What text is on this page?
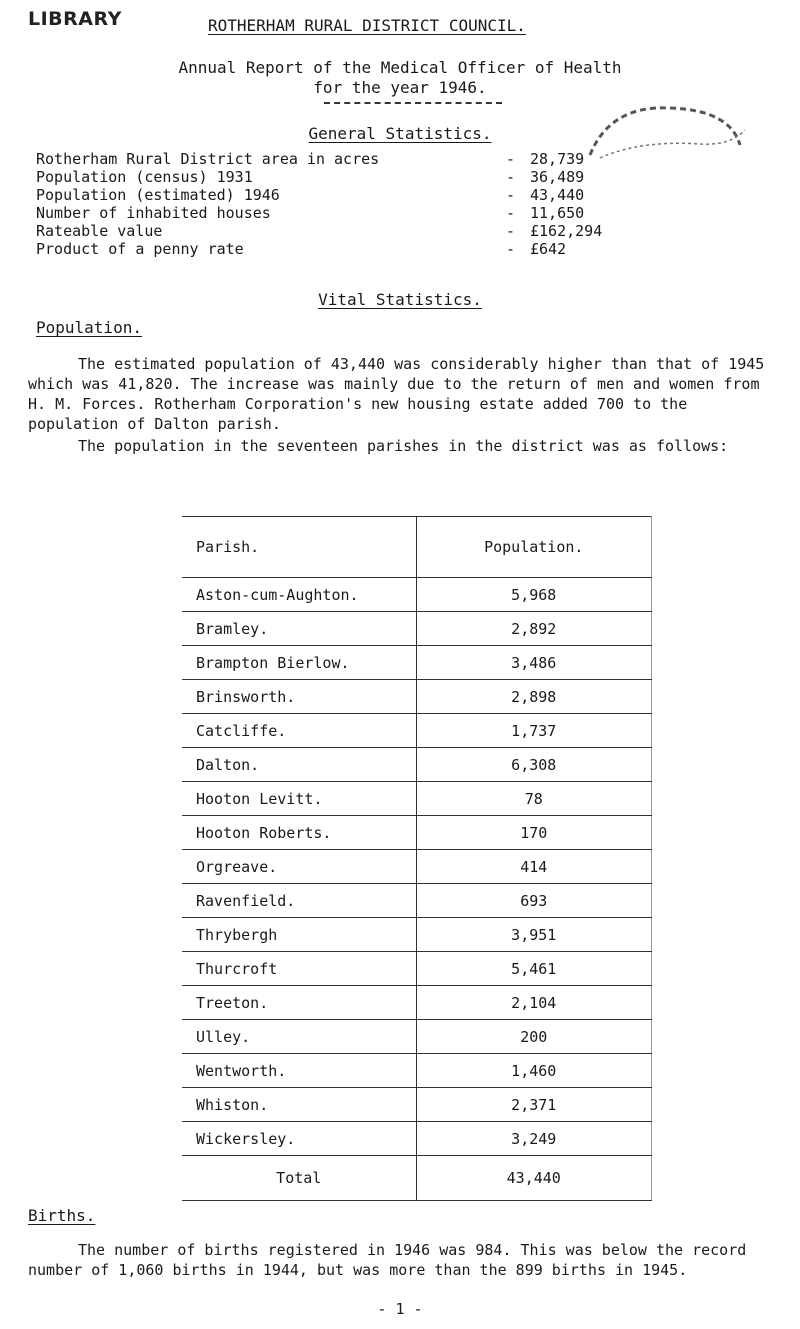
LIBRARY	ROTHERHAM RURAL DISTRICT COUNCIL.
Annual Report of the Medical Officer of Health
for the year 1946.
General Statistics.
Rotherham Rural District area in acres	- 28,739
Population (census) 1931	- 36,489
Population (estimated) 1946	- 43,440
Number of inhabited houses	- 11,650
Rateable value	- £162,294
Product of a penny rate	- £642
Vital Statistics.
Population.
The estimated population of 43,440 was considerably higher than that of 1945 which was 41,820. The increase was mainly due to the return of men and women from H. M. Forces. Rotherham Corporation's new housing estate added 700 to the population of Dalton parish.
The population in the seventeen parishes in the district was as follows:
Parish.	Population.
Aston-cum-Aughton.	5,968
Bramley.	2,892
Brampton Bierlow.	3,486
Brinsworth.	2,898
Catcliffe.	1,737
Dalton.	6,308
Hooton Levitt.	78
Hooton Roberts.	170
Orgreave.	414
Ravenfield.	693
Thrybergh	3,951
Thurcroft	5,461
Treeton.	2,104
Ulley.	200
Wentworth.	1,460
Whiston.	2,371
Wickersley.	3,249
Total	43,440
Births.
The number of births registered in 1946 was 984. This was below the record number of 1,060 births in 1944, but was more than the 899 births in 1945.
- 1 -
